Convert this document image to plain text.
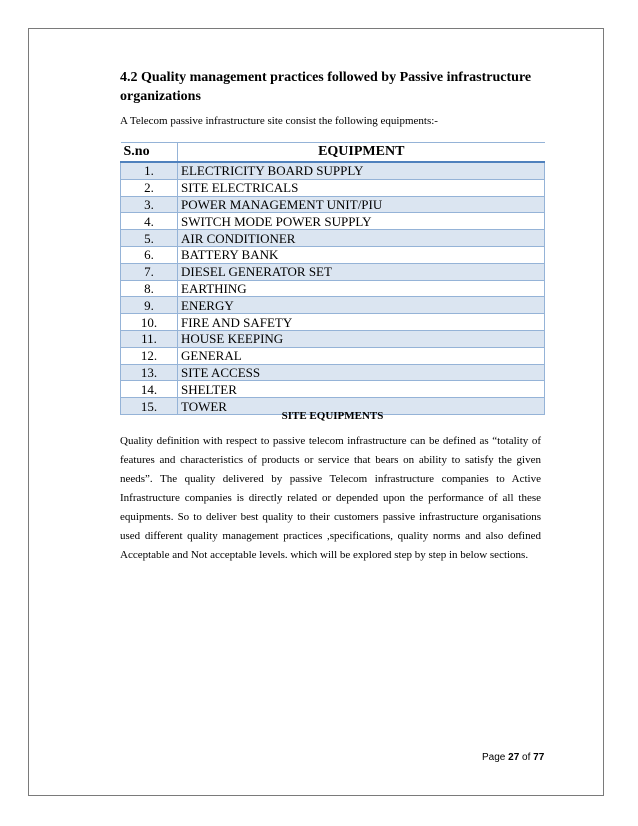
4.2 Quality management practices followed by Passive infrastructure organizations

A Telecom passive infrastructure site consist the following equipments:-

S.no	EQUIPMENT
1.	ELECTRICITY BOARD SUPPLY
2.	SITE ELECTRICALS
3.	POWER MANAGEMENT UNIT/PIU
4.	SWITCH MODE POWER SUPPLY
5.	AIR CONDITIONER
6.	BATTERY BANK
7.	DIESEL GENERATOR SET
8.	EARTHING
9.	ENERGY
10.	FIRE AND SAFETY
11.	HOUSE KEEPING
12.	GENERAL
13.	SITE ACCESS
14.	SHELTER
15.	TOWER

SITE EQUIPMENTS

Quality definition with respect to passive telecom infrastructure can be defined as “totality of features and characteristics of products or service that bears on ability to satisfy the given needs”. The quality delivered by passive Telecom infrastructure companies to Active Infrastructure companies is directly related or depended upon the performance of all these equipments. So to deliver best quality to their customers passive infrastructure organisations used different quality management practices ,specifications, quality norms and also defined Acceptable and Not acceptable levels. which will be explored step by step in below sections.

Page 27 of 77
